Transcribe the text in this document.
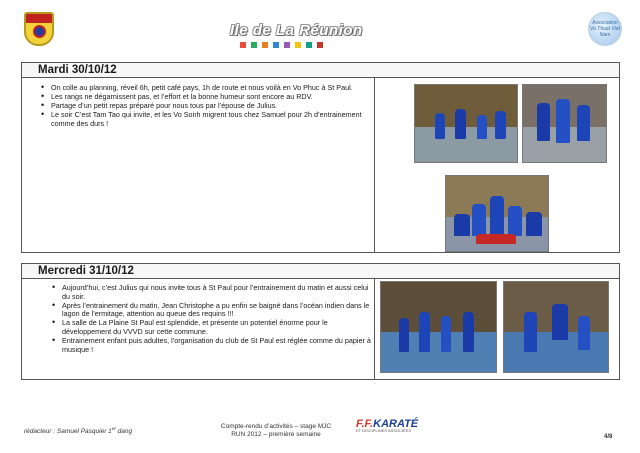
Ile de La Réunion	Association Vo Thuat Viet Nam
Mardi 30/10/12
• On colle au planning, réveil 6h, petit café pays, 1h de route et nous voilà en Vo Phuc à St Paul.
• Les rangs ne dégarnissent pas, et l’effort et la bonne humeur sont encore au RDV.
• Partage d’un petit repas préparé pour nous tous par l’épouse de Julius.
• Le soir C’est Tam Tao qui invite, et les Vo Sonh migrent tous chez Samuel pour 2h d’entrainement comme des durs !
Mercredi 31/10/12
• Aujourd’hui, c’est Julius qui nous invite tous à St Paul pour l’entrainement du matin et aussi celui du soir.
• Après l’entrainement du matin, Jean Christophe a pu enfin se baigné dans l’océan indien dans le lagon de l’ermitage, attention au queue des requins !!!
• La salle de La Plaine St Paul est splendide, et présente un potentiel énorme pour le développement du VVVD sur cette commune.
• Entrainement enfant puis adultes, l’organisation du club de St Paul est réglée comme du papier à musique !
rédacteur : Samuel Pasquier 1er dang
Compte-rendu d’activités – stage MJC
RUN 2012 – première semaine
F.F.KARATÉ
ET DISCIPLINES ASSOCIÉES
4/8
